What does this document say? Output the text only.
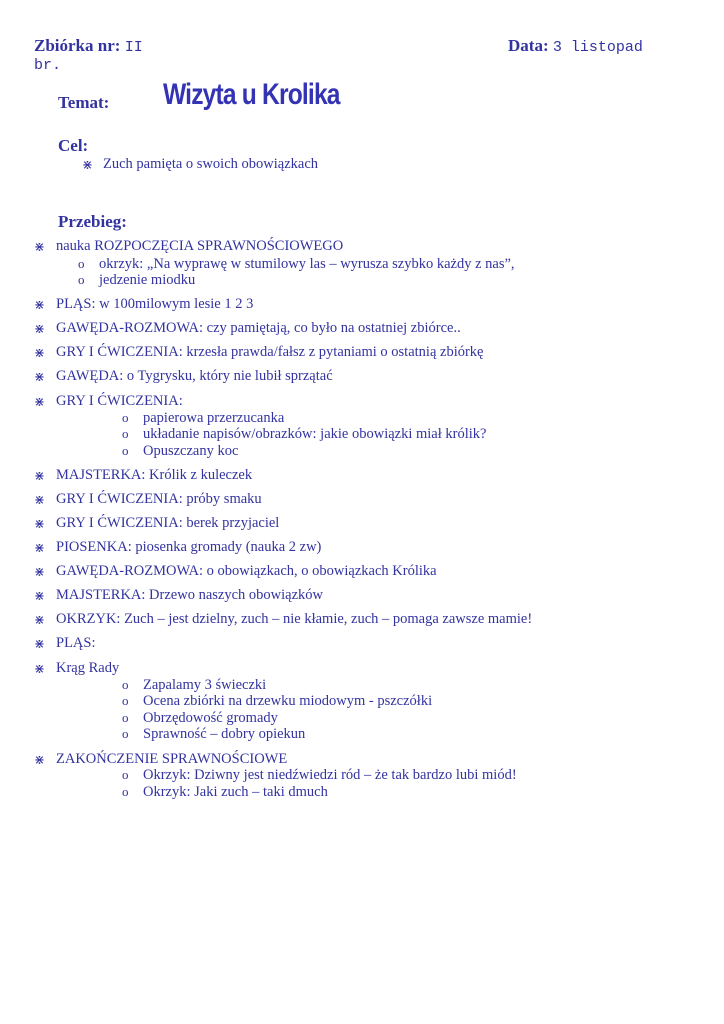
Zbiórka nr: II
br.
Data: 3 listopad
Temat: Wizyta u Krolika
Cel:
⋇ Zuch pamięta o swoich obowiązkach
Przebieg:
⋇ nauka ROZPOCZĘCIA SPRAWNOŚCIOWEGO
o okrzyk: „Na wyprawę w stumilowy las – wyrusza szybko każdy z nas”,
o jedzenie miodku
⋇ PLĄS: w 100milowym lesie 1 2 3
⋇ GAWĘDA-ROZMOWA: czy pamiętają, co było na ostatniej zbiórce..
⋇ GRY I ĆWICZENIA: krzesła prawda/fałsz z pytaniami o ostatnią zbiórkę
⋇ GAWĘDA: o Tygrysku, który nie lubił sprzątać
⋇ GRY I ĆWICZENIA:
o papierowa przerzucanka
o układanie napisów/obrazków: jakie obowiązki miał królik?
o Opuszczany koc
⋇ MAJSTERKA: Królik z kuleczek
⋇ GRY I ĆWICZENIA: próby smaku
⋇ GRY I ĆWICZENIA: berek przyjaciel
⋇ PIOSENKA: piosenka gromady (nauka 2 zw)
⋇ GAWĘDA-ROZMOWA: o obowiązkach, o obowiązkach Królika
⋇ MAJSTERKA: Drzewo naszych obowiązków
⋇ OKRZYK: Zuch – jest dzielny, zuch – nie kłamie, zuch – pomaga zawsze mamie!
⋇ PLĄS:
⋇ Krąg Rady
o Zapalamy 3 świeczki
o Ocena zbiórki na drzewku miodowym - pszczółki
o Obrzędowość gromady
o Sprawność – dobry opiekun
⋇ ZAKOŃCZENIE SPRAWNOŚCIOWE
o Okrzyk: Dziwny jest niedźwiedzi ród – że tak bardzo lubi miód!
o Okrzyk: Jaki zuch – taki dmuch
